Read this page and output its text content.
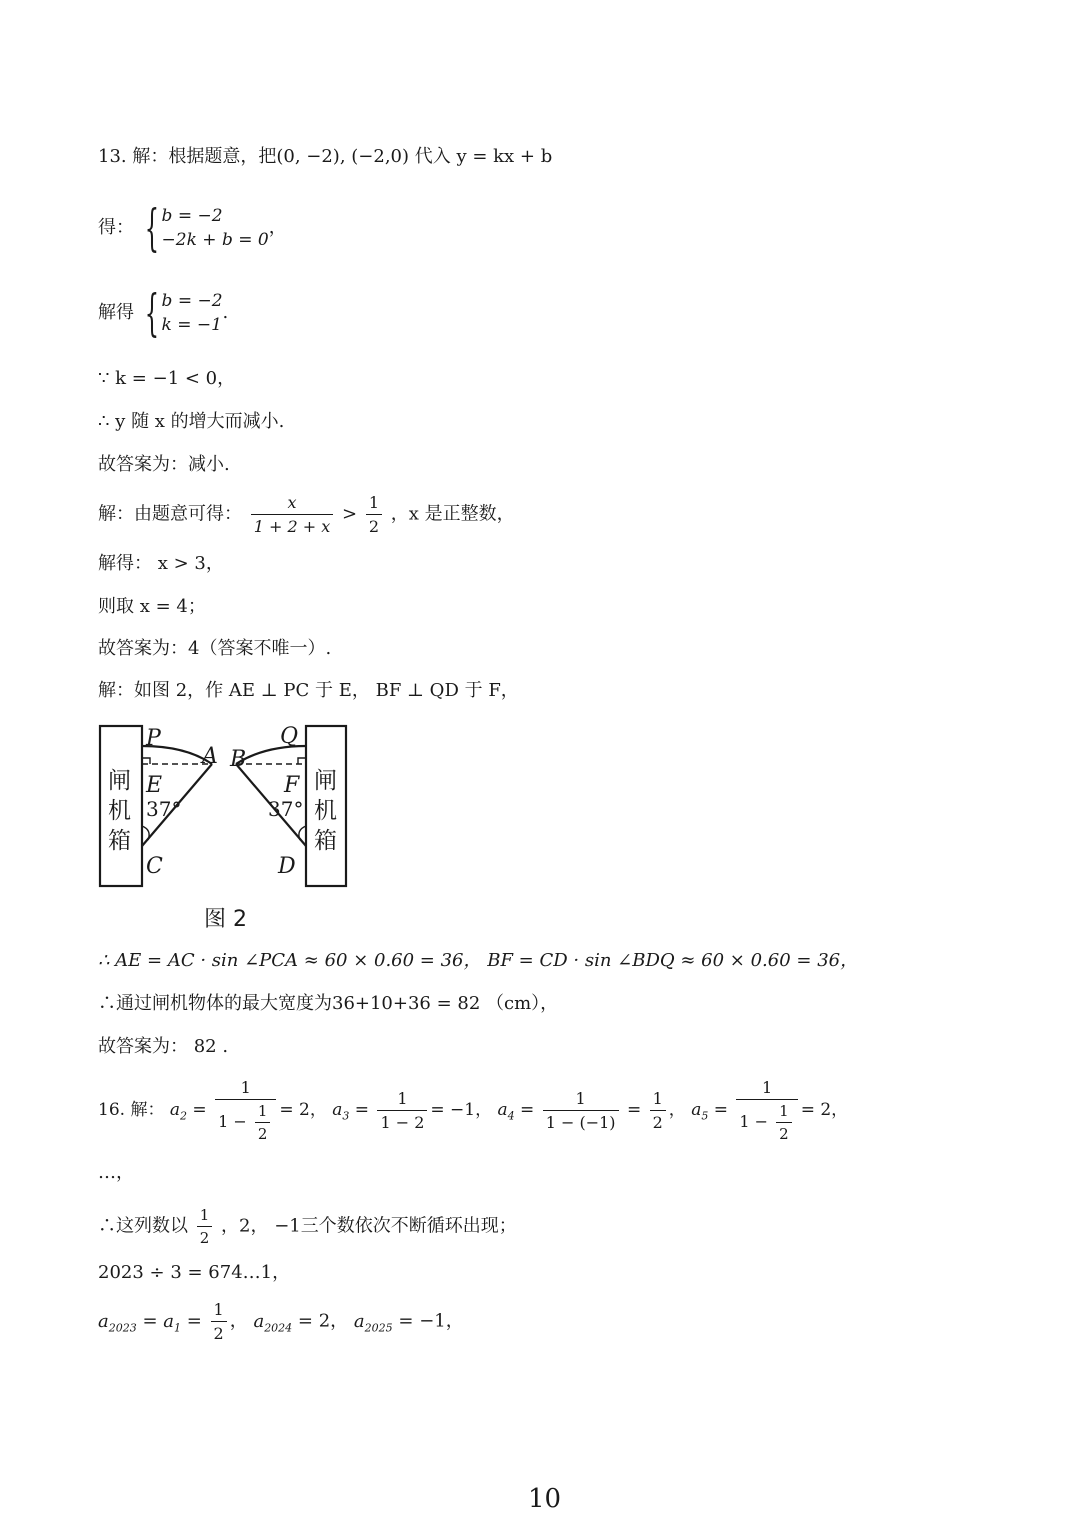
13. 解：根据题意，把(0, −2), (−2,0) 代入 y = kx + b
得： { b = −2
−2k + b = 0
，
解得 { b = −2
k = −1
.
∵ k = −1 < 0，
∴ y 随 x 的增大而减小.
故答案为：减小.
解：由题意可得： $\frac{x}{1 + 2 + x} > \frac{1}{2}$ ，x 是正整数，
解得： x > 3，
则取 x = 4；
故答案为：4（答案不唯一）.
解：如图 2，作 AE ⊥ PC 于 E， BF ⊥ QD 于 F，
闸
机
箱
闸
机
箱
P
A
E
C
B
Q
F
D
37°	37°
图 2
∴ AE = AC · sin ∠PCA ≈ 60 × 0.60 = 36， BF = CD · sin ∠BDQ ≈ 60 × 0.60 = 36，
∴通过闸机物体的最大宽度为36+10+36 = 82 （cm），
故答案为： 82 .
16. 解： $a_2 = \frac{1}{1 - \frac{1}{2}} = 2$， $a_3 = \frac{1}{1 - 2} = -1$， $a_4 = \frac{1}{1 - (-1)} = \frac{1}{2}$ ， $a_5 = \frac{1}{1 - \frac{1}{2}} = 2$，
…，
∴这列数以 $\frac{1}{2}$ ，2， −1三个数依次不断循环出现；
2023 ÷ 3 = 674…1，
$a_{2023} = a_1 = \frac{1}{2}$ ， $a_{2024} = 2$， $a_{2025} = -1$，
10
